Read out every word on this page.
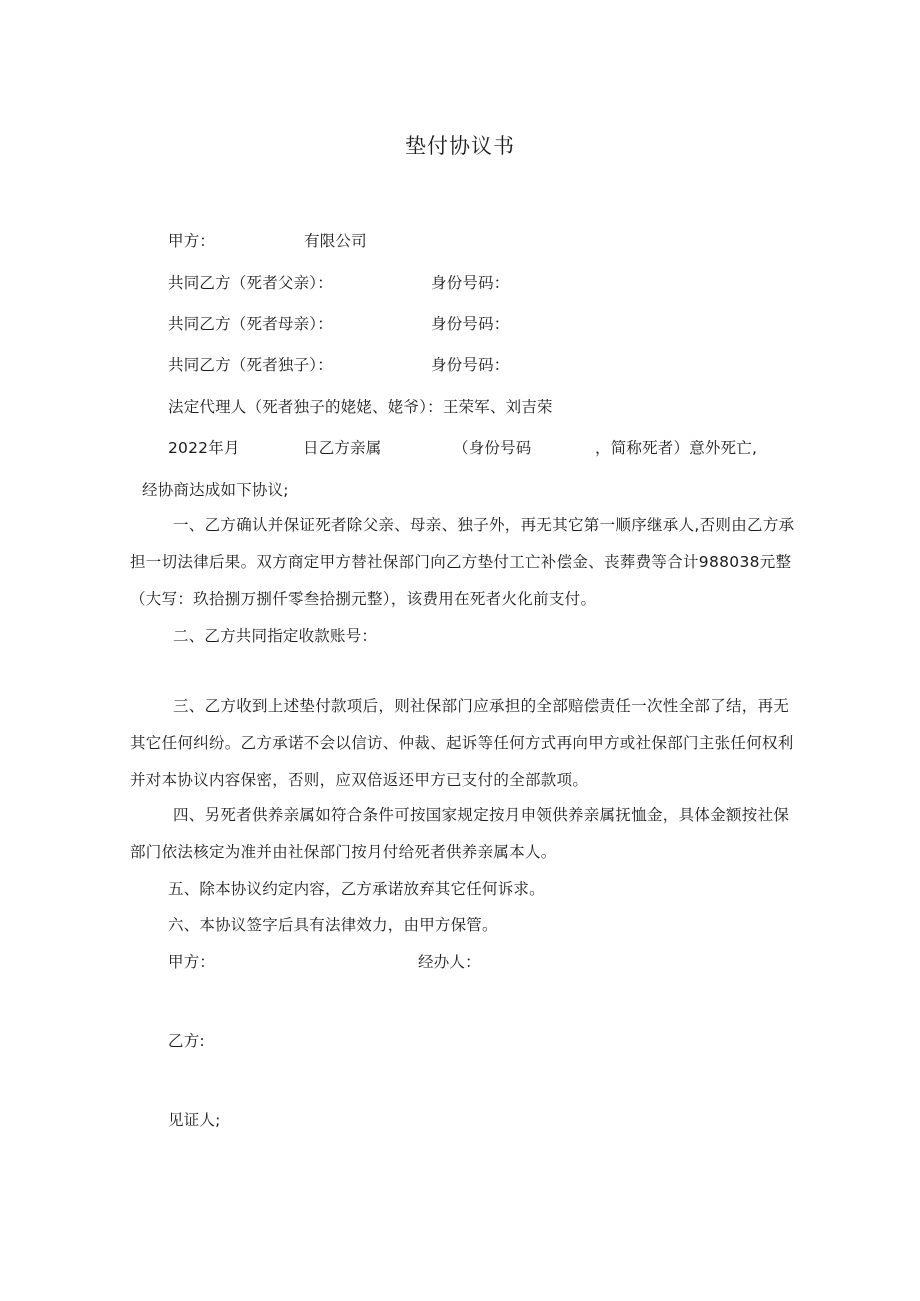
垫付协议书
甲方：	有限公司
共同乙方（死者父亲）：	身份号码：
共同乙方（死者母亲）：	身份号码：
共同乙方（死者独子）：	身份号码：
法定代理人（死者独子的姥姥、姥爷）：王荣军、刘吉荣
2022年月	日乙方亲属	（身份号码	，简称死者）意外死亡,
经协商达成如下协议;
一、乙方确认并保证死者除父亲、母亲、独子外，再无其它第一顺序继承人,否则由乙方承担一切法律后果。双方商定甲方替社保部门向乙方垫付工亡补偿金、丧葬费等合计988038元整（大写：玖拾捌万捌仟零叁拾捌元整），该费用在死者火化前支付。
二、乙方共同指定收款账号：
三、乙方收到上述垫付款项后，则社保部门应承担的全部赔偿责任一次性全部了结，再无其它任何纠纷。乙方承诺不会以信访、仲裁、起诉等任何方式再向甲方或社保部门主张任何权利并对本协议内容保密，否则，应双倍返还甲方已支付的全部款项。
四、另死者供养亲属如符合条件可按国家规定按月申领供养亲属抚恤金，具体金额按社保部门依法核定为准并由社保部门按月付给死者供养亲属本人。
五、除本协议约定内容，乙方承诺放弃其它任何诉求。
六、本协议签字后具有法律效力，由甲方保管。
甲方：	经办人：
乙方:
见证人;
